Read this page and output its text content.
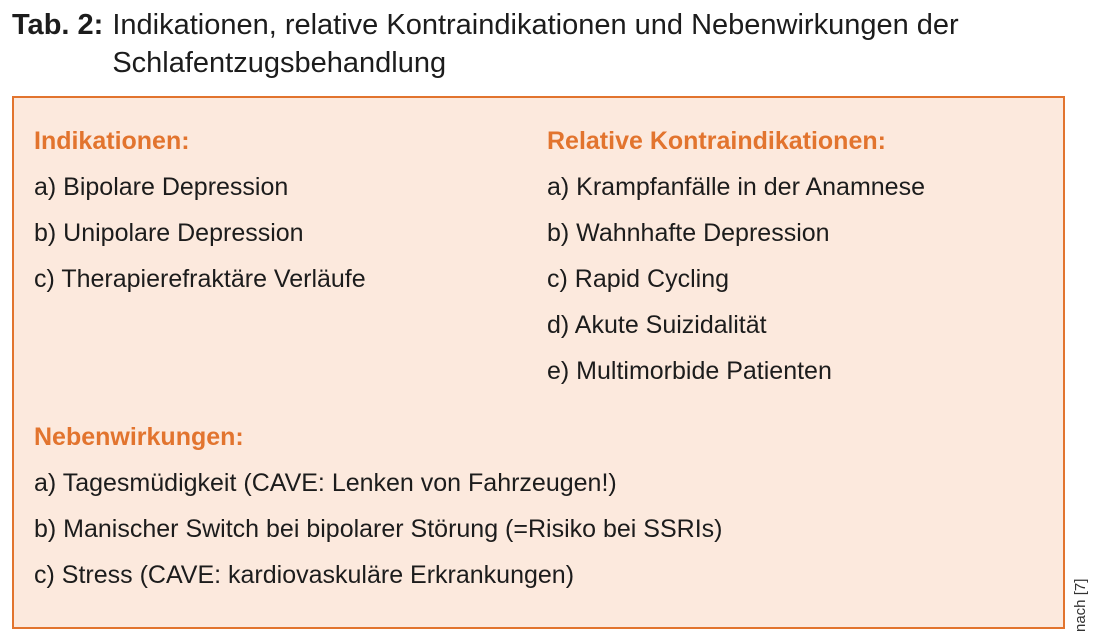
Tab. 2: Indikationen, relative Kontraindikationen und Nebenwirkungen der Schlafentzugsbehandlung
Indikationen:
a) Bipolare Depression
b) Unipolare Depression
c) Therapierefraktäre Verläufe
Relative Kontraindikationen:
a) Krampfanfälle in der Anamnese
b) Wahnhafte Depression
c) Rapid Cycling
d) Akute Suizidalität
e) Multimorbide Patienten
Nebenwirkungen:
a) Tagesmüdigkeit (CAVE: Lenken von Fahrzeugen!)
b) Manischer Switch bei bipolarer Störung (=Risiko bei SSRIs)
c) Stress (CAVE: kardiovaskuläre Erkrankungen)
nach [7]
